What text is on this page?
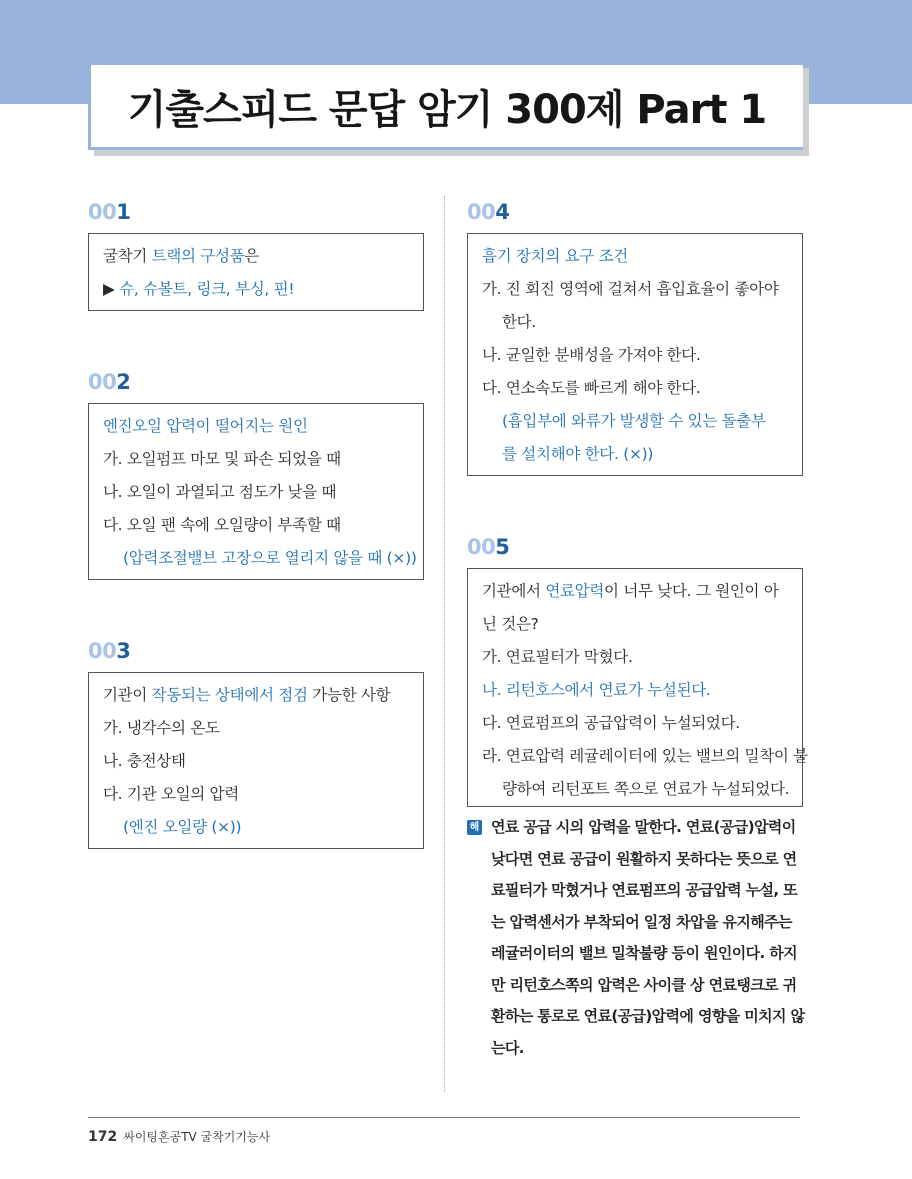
기출스피드 문답 암기 300제 Part 1
001
굴착기 트랙의 구성품은
▶ 슈, 슈볼트, 링크, 부싱, 핀!
002
엔진오일 압력이 떨어지는 원인
가. 오일펌프 마모 및 파손 되었을 때
나. 오일이 과열되고 점도가 낮을 때
다. 오일 팬 속에 오일량이 부족할 때
(압력조절밸브 고장으로 열리지 않을 때 (×))
003
기관이 작동되는 상태에서 점검 가능한 사항
가. 냉각수의 온도
나. 충전상태
다. 기관 오일의 압력
(엔진 오일량 (×))
004
흡기 장치의 요구 조건
가. 진 회진 영역에 걸쳐서 흡입효율이 좋아야
한다.
나. 균일한 분배성을 가져야 한다.
다. 연소속도를 빠르게 해야 한다.
(흡입부에 와류가 발생할 수 있는 돌출부
를 설치해야 한다. (×))
005
기관에서 연료압력이 너무 낮다. 그 원인이 아
닌 것은?
가. 연료필터가 막혔다.
나. 리턴호스에서 연료가 누설된다.
다. 연료펌프의 공급압력이 누설되었다.
라. 연료압력 레귤레이터에 있는 밸브의 밀착이 불
량하여 리턴포트 쪽으로 연료가 누설되었다.
해 연료 공급 시의 압력을 말한다. 연료(공급)압력이
낮다면 연료 공급이 원활하지 못하다는 뜻으로 연
료필터가 막혔거나 연료펌프의 공급압력 누설, 또
는 압력센서가 부착되어 일정 차압을 유지해주는
레귤러이터의 밸브 밀착불량 등이 원인이다. 하지
만 리턴호스쪽의 압력은 사이클 상 연료탱크로 귀
환하는 통로로 연료(공급)압력에 영향을 미치지 않
는다.
172 싸이팅혼공TV 굴착기기능사
